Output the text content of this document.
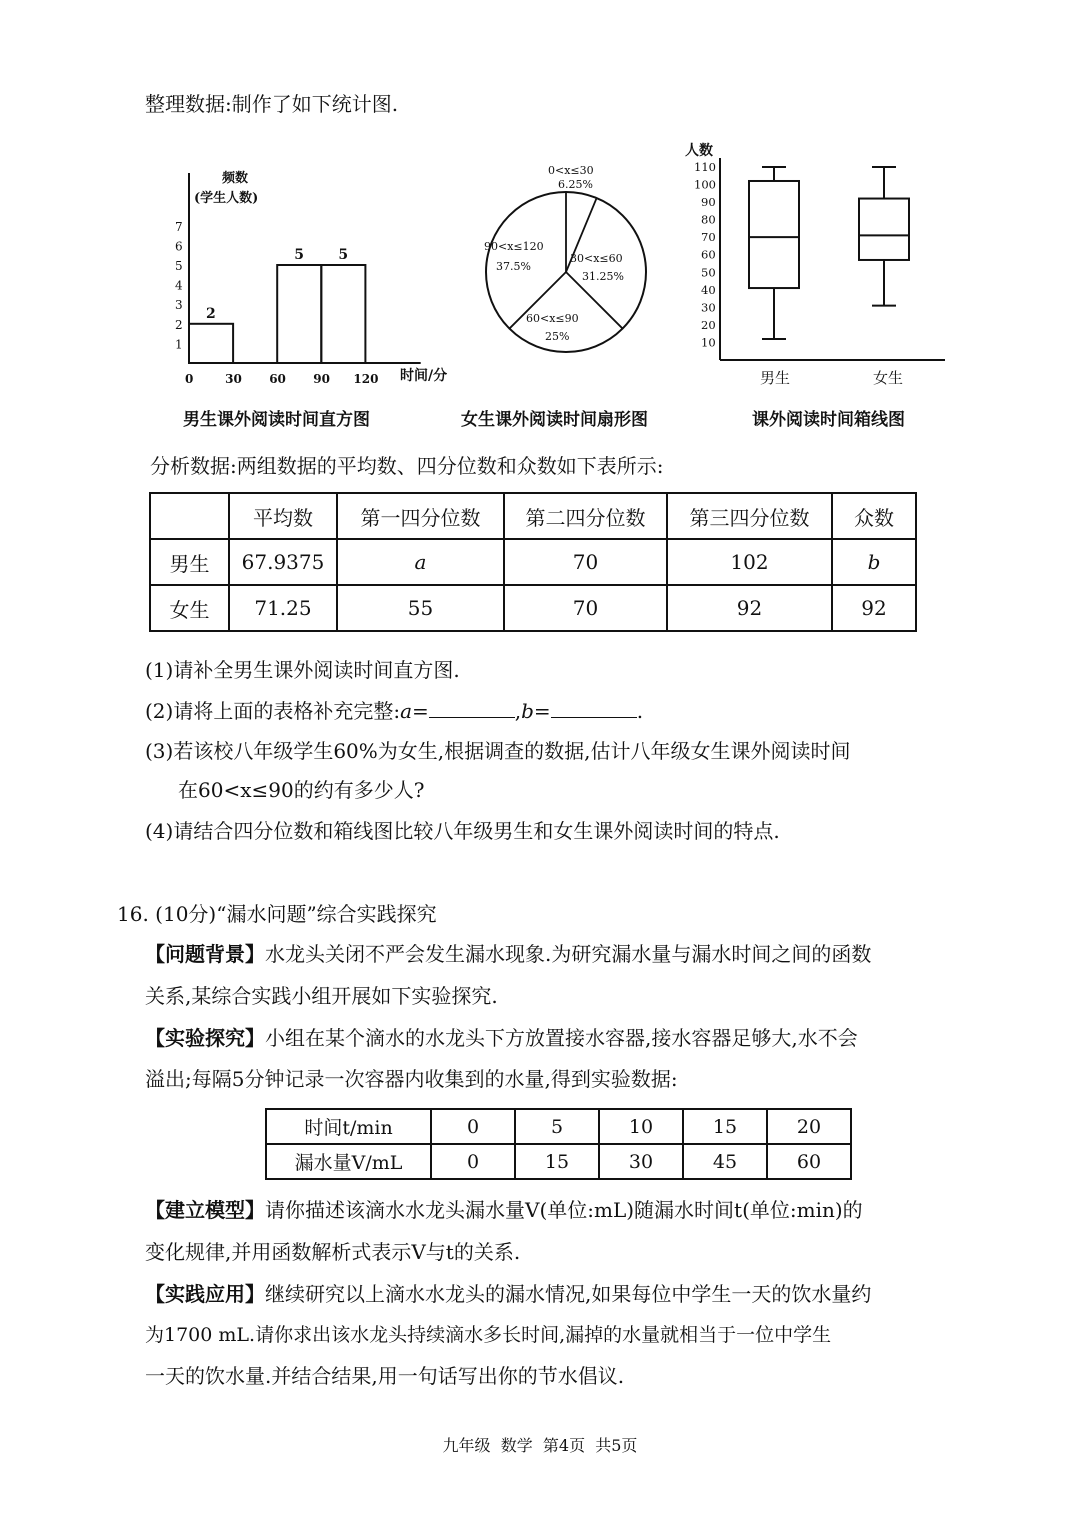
整理数据:制作了如下统计图.
频数
(学生人数)
1
2
3
4
5
6
7
0	30 60 90 120
2
5 5
时间/分
0<x≤30
6.25%
30<x≤60
31.25%
60<x≤90
25%
90<x≤120
37.5%
人数
10
20
30
40
50
60
70
80
90
100
110
男生	女生
男生课外阅读时间直方图	女生课外阅读时间扇形图	课外阅读时间箱线图
分析数据:两组数据的平均数、四分位数和众数如下表所示:
	平均数	第一四分位数	第二四分位数	第三四分位数	众数
男生	67.9375	a	70	102	b
女生	71.25	55	70	92	92
(1)请补全男生课外阅读时间直方图.
(2)请将上面的表格补充完整:a=	,b=	.
(3)若该校八年级学生60%为女生,根据调查的数据,估计八年级女生课外阅读时间
在60<x≤90的约有多少人?
(4)请结合四分位数和箱线图比较八年级男生和女生课外阅读时间的特点.
16. (10分)“漏水问题”综合实践探究
【问题背景】水龙头关闭不严会发生漏水现象.为研究漏水量与漏水时间之间的函数
关系,某综合实践小组开展如下实验探究.
【实验探究】小组在某个滴水的水龙头下方放置接水容器,接水容器足够大,水不会
溢出;每隔5分钟记录一次容器内收集到的水量,得到实验数据:
时间t/min	0	5	10	15	20
漏水量V/mL	0	15	30	45	60
【建立模型】请你描述该滴水水龙头漏水量V(单位:mL)随漏水时间t(单位:min)的
变化规律,并用函数解析式表示V与t的关系.
【实践应用】继续研究以上滴水水龙头的漏水情况,如果每位中学生一天的饮水量约
为1700 mL.请你求出该水龙头持续滴水多长时间,漏掉的水量就相当于一位中学生
一天的饮水量.并结合结果,用一句话写出你的节水倡议.
九年级  数学  第4页  共5页
